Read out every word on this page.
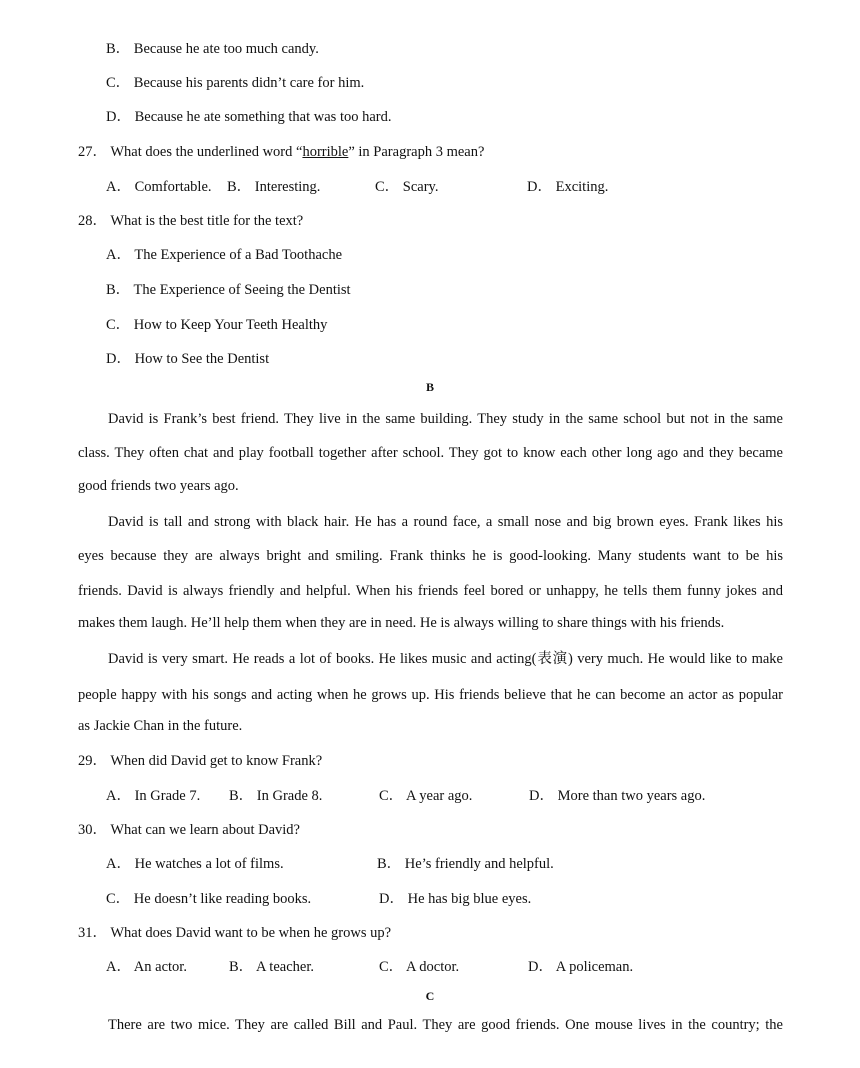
B． Because he ate too much candy.
C． Because his parents didn’t care for him.
D． Because he ate something that was too hard.
27． What does the underlined word “horrible” in Paragraph 3 mean?
A． Comfortable. B． Interesting.	C． Scary.	D． Exciting.
28． What is the best title for the text?
A． The Experience of a Bad Toothache
B． The Experience of Seeing the Dentist
C． How to Keep Your Teeth Healthy
D． How to See the Dentist
B
David is Frank’s best friend. They live in the same building. They study in the same school but not in the same
class. They often chat and play football together after school. They got to know each other long ago and they became
good friends two years ago.
David is tall and strong with black hair. He has a round face, a small nose and big brown eyes. Frank likes his
eyes because they are always bright and smiling. Frank thinks he is good-looking. Many students want to be his
friends. David is always friendly and helpful. When his friends feel bored or unhappy, he tells them funny jokes and
makes them laugh. He’ll help them when they are in need. He is always willing to share things with his friends.
David is very smart. He reads a lot of books. He likes music and acting(表演) very much. He would like to make
people happy with his songs and acting when he grows up. His friends believe that he can become an actor as popular
as Jackie Chan in the future.
29． When did David get to know Frank?
A． In Grade 7. B． In Grade 8.	C． A year ago.	D． More than two years ago.
30． What can we learn about David?
A． He watches a lot of films.	B． He’s friendly and helpful.
C． He doesn’t like reading books.	D． He has big blue eyes.
31． What does David want to be when he grows up?
A． An actor.	B． A teacher.	C． A doctor.	D． A policeman.
C
There are two mice. They are called Bill and Paul. They are good friends. One mouse lives in the country; the
